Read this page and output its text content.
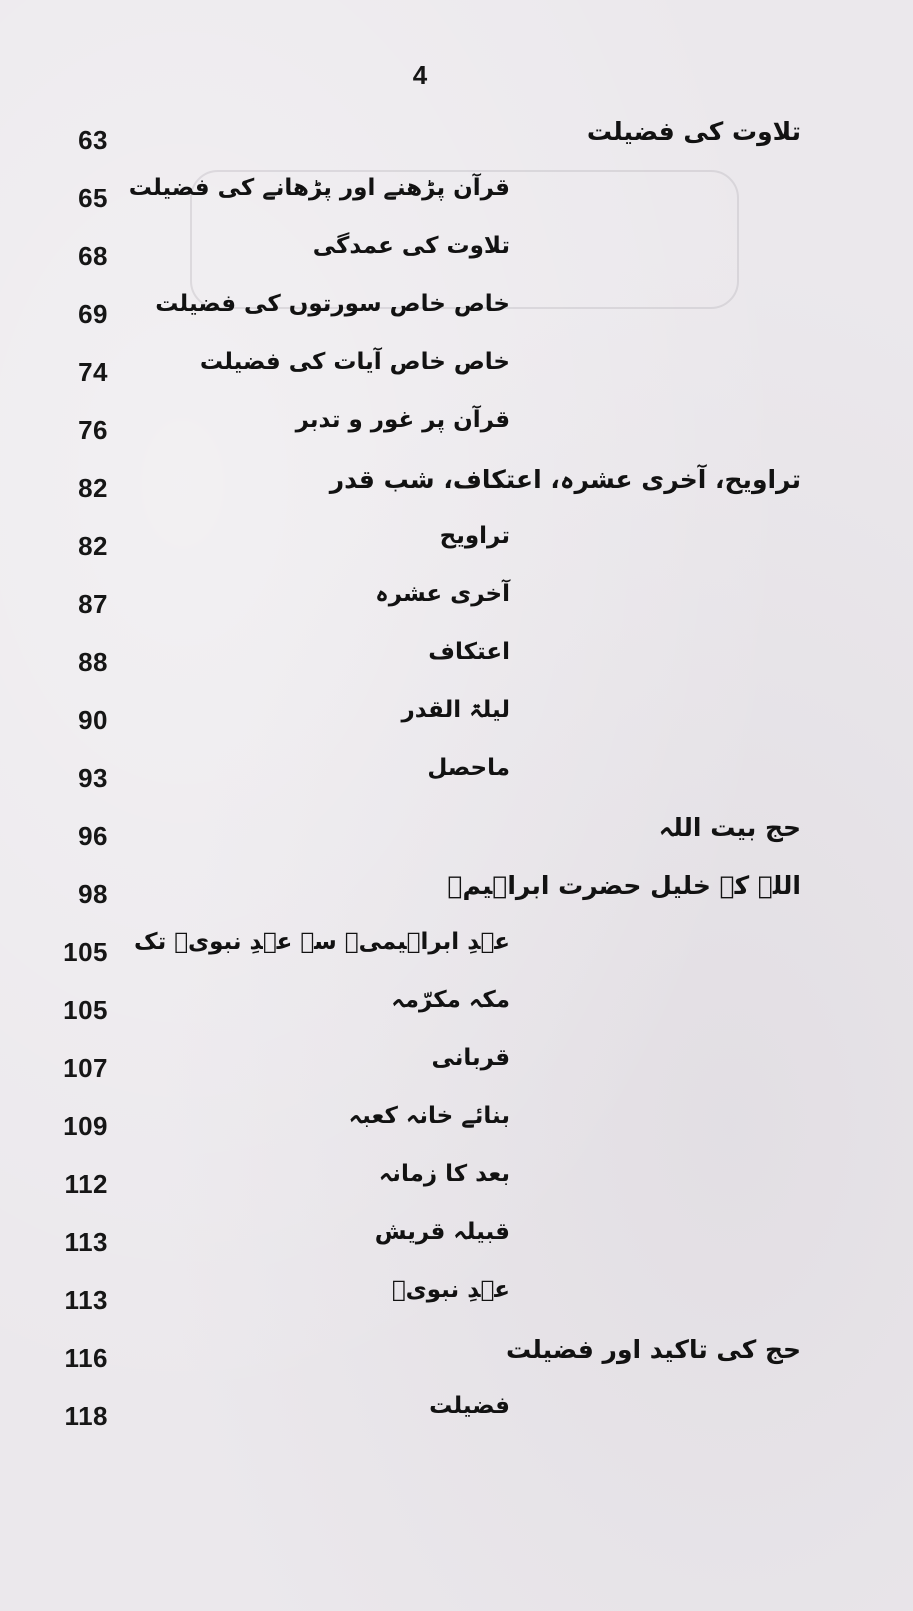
4
تلاوت کی فضیلت
63
قرآن پڑھنے اور پڑھانے کی فضیلت
65
تلاوت کی عمدگی
68
خاص خاص سورتوں کی فضیلت
69
خاص خاص آیات کی فضیلت
74
قرآن پر غور و تدبر
76
تراویح، آخری عشرہ، اعتکاف، شب قدر
82
تراویح
82
آخری عشرہ
87
اعتکاف
88
لیلۃ القدر
90
ماحصل
93
حج بیت اللہ
96
اللہ کے خلیل حضرت ابراہیمؑ
98
عہدِ ابراہیمیؑ سے عہدِ نبویؐ تک
105
مکہ مکرّمہ
105
قربانی
107
بنائے خانہ کعبہ
109
بعد کا زمانہ
112
قبیلہ قریش
113
عہدِ نبویؐ
113
حج کی تاکید اور فضیلت
116
فضیلت
118
